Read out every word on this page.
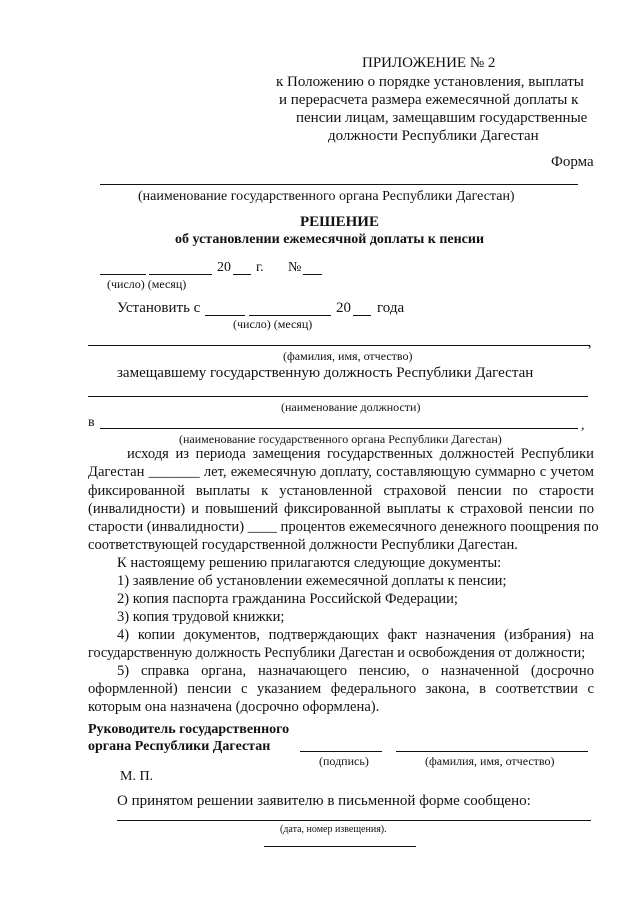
ПРИЛОЖЕНИЕ № 2
к Положению о порядке установления, выплаты
и перерасчета размера ежемесячной доплаты к
пенсии лицам, замещавшим государственные
должности Республики Дагестан
Форма
(наименование государственного органа Республики Дагестан)
РЕШЕНИЕ
об установлении ежемесячной доплаты к пенсии
20 г. №
(число) (месяц)
Установить с	20 года
(число) (месяц)
,
(фамилия, имя, отчество)
замещавшему государственную должность Республики Дагестан
(наименование должности)
в	,
(наименование государственного органа Республики Дагестан)
исходя из периода замещения государственных должностей Республики
Дагестан _______ лет, ежемесячную доплату, составляющую суммарно с учетом
фиксированной выплаты к установленной страховой пенсии по старости
(инвалидности) и повышений фиксированной выплаты к страховой пенсии по
старости (инвалидности) ____ процентов ежемесячного денежного поощрения по
соответствующей государственной должности Республики Дагестан.
К настоящему решению прилагаются следующие документы:
1) заявление об установлении ежемесячной доплаты к пенсии;
2) копия паспорта гражданина Российской Федерации;
3) копия трудовой книжки;
4) копии документов, подтверждающих факт назначения (избрания) на
государственную должность Республики Дагестан и освобождения от должности;
5) справка органа, назначающего пенсию, о назначенной (досрочно
оформленной) пенсии с указанием федерального закона, в соответствии с
которым она назначена (досрочно оформлена).
Руководитель государственного
органа Республики Дагестан
(подпись)	(фамилия, имя, отчество)
М. П.
О принятом решении заявителю в письменной форме сообщено:
(дата, номер извещения).
